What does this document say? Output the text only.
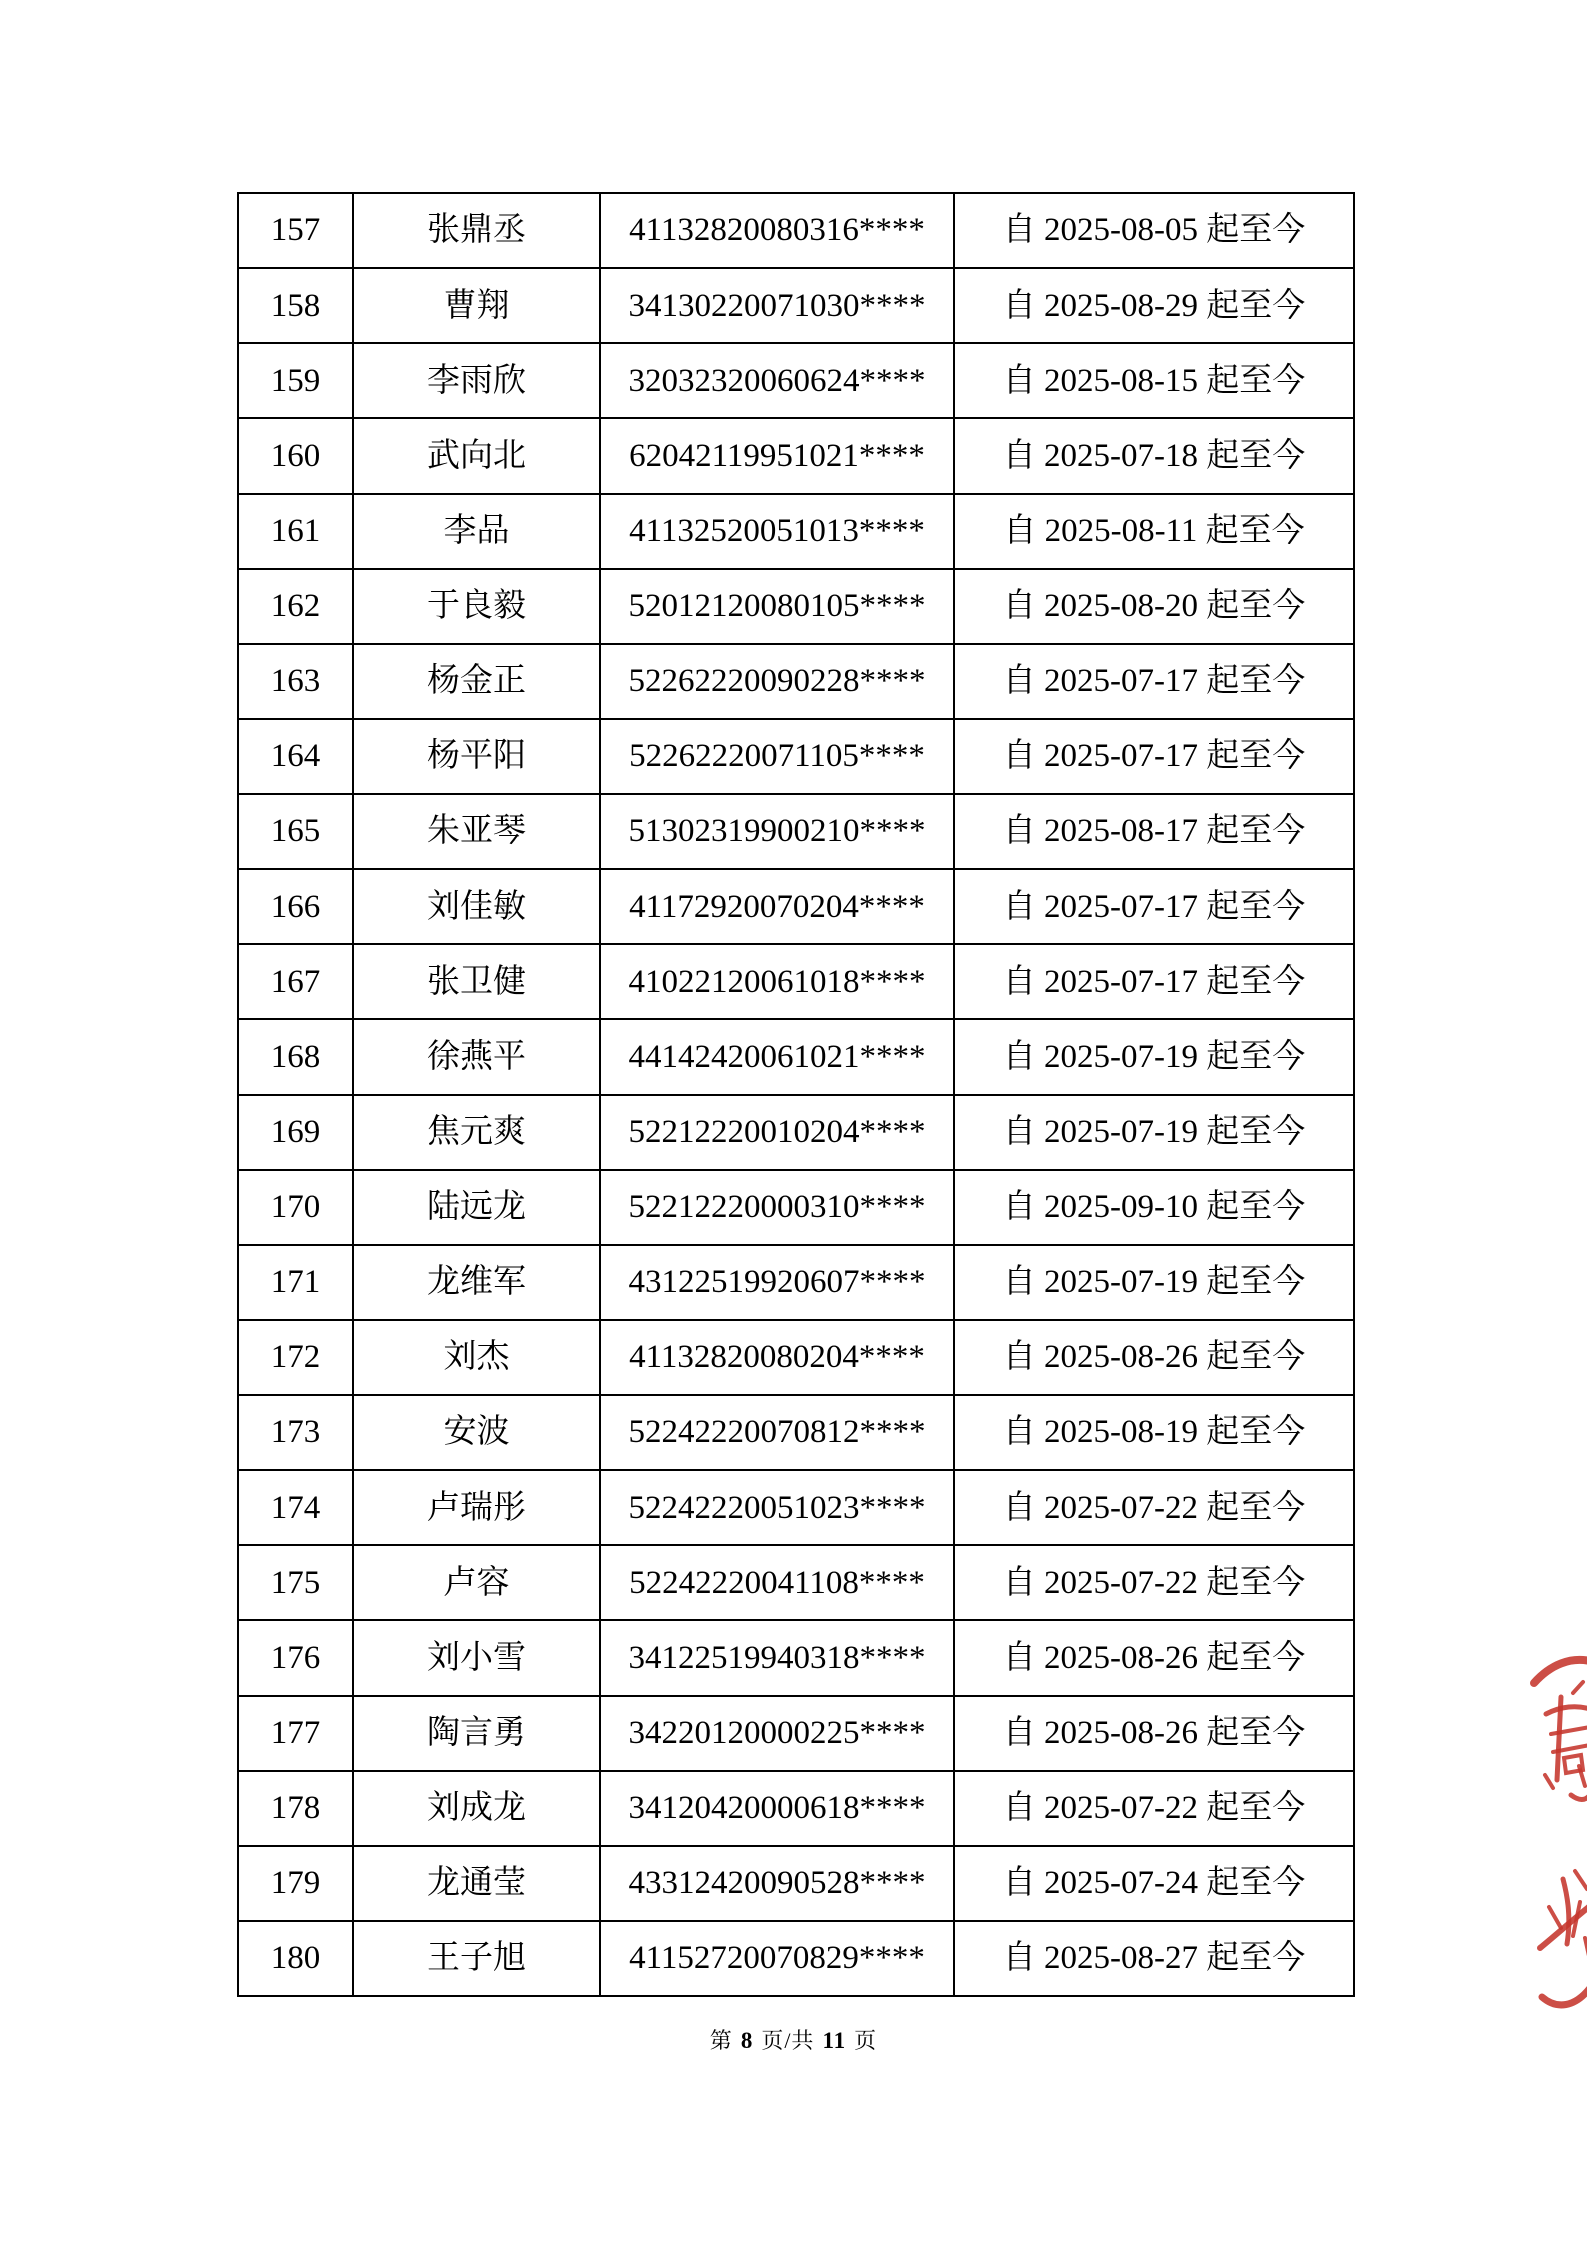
157	张鼎丞	41132820080316****	自 2025-08-05 起至今
158	曹翔	34130220071030****	自 2025-08-29 起至今
159	李雨欣	32032320060624****	自 2025-08-15 起至今
160	武向北	62042119951021****	自 2025-07-18 起至今
161	李品	41132520051013****	自 2025-08-11 起至今
162	于良毅	52012120080105****	自 2025-08-20 起至今
163	杨金正	52262220090228****	自 2025-07-17 起至今
164	杨平阳	52262220071105****	自 2025-07-17 起至今
165	朱亚琴	51302319900210****	自 2025-08-17 起至今
166	刘佳敏	41172920070204****	自 2025-07-17 起至今
167	张卫健	41022120061018****	自 2025-07-17 起至今
168	徐燕平	44142420061021****	自 2025-07-19 起至今
169	焦元爽	52212220010204****	自 2025-07-19 起至今
170	陆远龙	52212220000310****	自 2025-09-10 起至今
171	龙维军	43122519920607****	自 2025-07-19 起至今
172	刘杰	41132820080204****	自 2025-08-26 起至今
173	安波	52242220070812****	自 2025-08-19 起至今
174	卢瑞彤	52242220051023****	自 2025-07-22 起至今
175	卢容	52242220041108****	自 2025-07-22 起至今
176	刘小雪	34122519940318****	自 2025-08-26 起至今
177	陶言勇	34220120000225****	自 2025-08-26 起至今
178	刘成龙	34120420000618****	自 2025-07-22 起至今
179	龙通莹	43312420090528****	自 2025-07-24 起至今
180	王子旭	41152720070829****	自 2025-08-27 起至今
第 8 页/共 11 页
